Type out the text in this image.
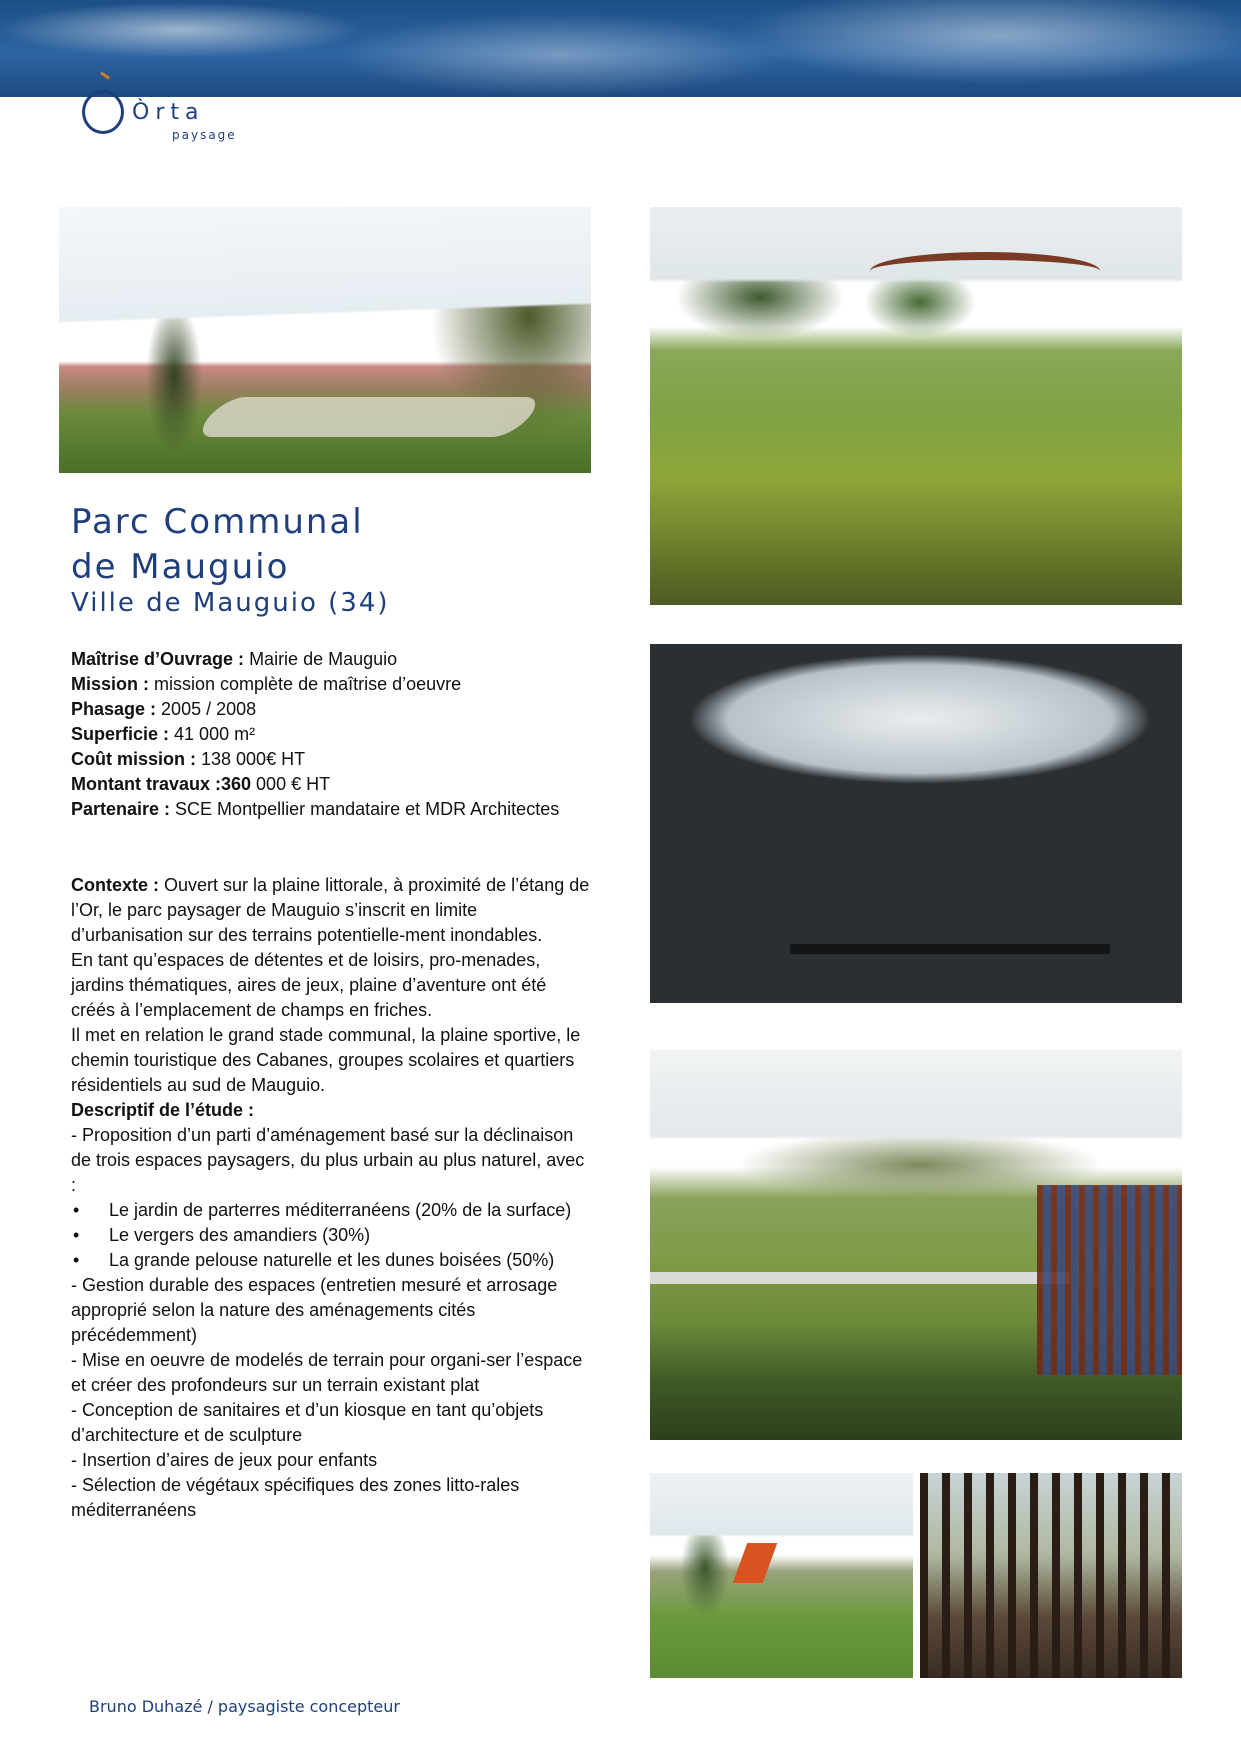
Òrta
paysage
Parc Communal
de Mauguio
Ville de Mauguio (34)
Maîtrise d’Ouvrage : Mairie de Mauguio
Mission : mission complète de maîtrise d’oeuvre
Phasage : 2005 / 2008
Superficie : 41 000 m²
Coût mission : 138 000€ HT
Montant travaux :360 000 € HT
Partenaire : SCE Montpellier mandataire et MDR Architectes

Contexte : Ouvert sur la plaine littorale, à proximité de l’étang de l’Or, le parc paysager de Mauguio s’inscrit en limite d’urbanisation sur des terrains potentielle-ment inondables.

En tant qu’espaces de détentes et de loisirs, pro-menades, jardins thématiques, aires de jeux, plaine d’aventure ont été créés à l’emplacement de champs en friches.

Il met en relation le grand stade communal, la plaine sportive, le chemin touristique des Cabanes, groupes scolaires et quartiers résidentiels au sud de Mauguio.

Descriptif de l’étude :

- Proposition d’un parti d’aménagement basé sur la déclinaison de trois espaces paysagers, du plus urbain au plus naturel, avec :

• Le jardin de parterres méditerranéens (20% de la surface)
• Le vergers des amandiers (30%)
• La grande pelouse naturelle et les dunes boisées (50%)

- Gestion durable des espaces (entretien mesuré et arrosage approprié selon la nature des aménagements cités précédemment)

- Mise en oeuvre de modelés de terrain pour organi-ser l’espace et créer des profondeurs sur un terrain existant plat

- Conception de sanitaires et d’un kiosque en tant qu’objets d’architecture et de sculpture

- Insertion d’aires de jeux pour enfants

- Sélection de végétaux spécifiques des zones litto-rales méditerranéens

Bruno Duhazé / paysagiste concepteur
